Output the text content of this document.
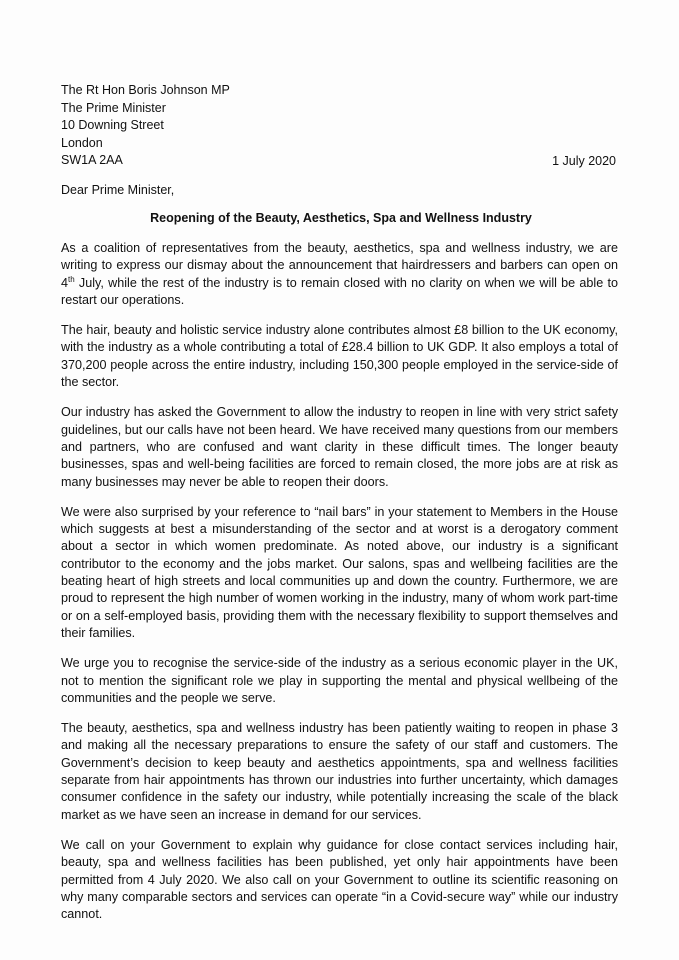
The Rt Hon Boris Johnson MP
The Prime Minister
10 Downing Street
London
SW1A 2AA	1 July 2020
Dear Prime Minister,
Reopening of the Beauty, Aesthetics, Spa and Wellness Industry

As a coalition of representatives from the beauty, aesthetics, spa and wellness industry, we are writing to express our dismay about the announcement that hairdressers and barbers can open on 4th July, while the rest of the industry is to remain closed with no clarity on when we will be able to restart our operations.

The hair, beauty and holistic service industry alone contributes almost £8 billion to the UK economy, with the industry as a whole contributing a total of £28.4 billion to UK GDP. It also employs a total of 370,200 people across the entire industry, including 150,300 people employed in the service-side of the sector.

Our industry has asked the Government to allow the industry to reopen in line with very strict safety guidelines, but our calls have not been heard. We have received many questions from our members and partners, who are confused and want clarity in these difficult times. The longer beauty businesses, spas and well-being facilities are forced to remain closed, the more jobs are at risk as many businesses may never be able to reopen their doors.

We were also surprised by your reference to “nail bars” in your statement to Members in the House which suggests at best a misunderstanding of the sector and at worst is a derogatory comment about a sector in which women predominate. As noted above, our industry is a significant contributor to the economy and the jobs market. Our salons, spas and wellbeing facilities are the beating heart of high streets and local communities up and down the country. Furthermore, we are proud to represent the high number of women working in the industry, many of whom work part-time or on a self-employed basis, providing them with the necessary flexibility to support themselves and their families.

We urge you to recognise the service-side of the industry as a serious economic player in the UK, not to mention the significant role we play in supporting the mental and physical wellbeing of the communities and the people we serve.

The beauty, aesthetics, spa and wellness industry has been patiently waiting to reopen in phase 3 and making all the necessary preparations to ensure the safety of our staff and customers. The Government’s decision to keep beauty and aesthetics appointments, spa and wellness facilities separate from hair appointments has thrown our industries into further uncertainty, which damages consumer confidence in the safety our industry, while potentially increasing the scale of the black market as we have seen an increase in demand for our services.

We call on your Government to explain why guidance for close contact services including hair, beauty, spa and wellness facilities has been published, yet only hair appointments have been permitted from 4 July 2020. We also call on your Government to outline its scientific reasoning on why many comparable sectors and services can operate “in a Covid-secure way” while our industry cannot.
